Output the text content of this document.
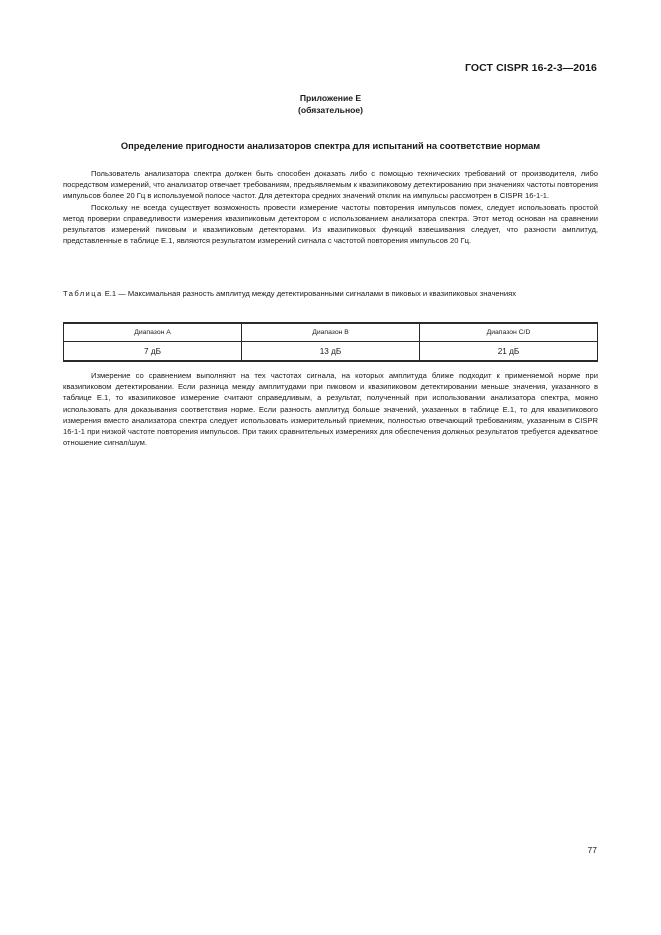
ГОСТ CISPR 16-2-3—2016
Приложение Е
(обязательное)
Определение пригодности анализаторов спектра для испытаний на соответствие нормам

Пользователь анализатора спектра должен быть способен доказать либо с помощью технических требований от производителя, либо посредством измерений, что анализатор отвечает требованиям, предъявляемым к квазипиковому детектированию при значениях частоты повторения импульсов более 20 Гц в используемой полосе частот. Для детектора средних значений отклик на импульсы рассмотрен в CISPR 16-1-1.

Поскольку не всегда существует возможность провести измерение частоты повторения импульсов помех, следует использовать простой метод проверки справедливости измерения квазипиковым детектором с использованием анализатора спектра. Этот метод основан на сравнении результатов измерений пиковым и квазипиковым детекторами. Из квазипиковых функций взвешивания следует, что разности амплитуд, представленные в таблице Е.1, являются результатом измерений сигнала с частотой повторения импульсов 20 Гц.

Таблица Е.1 — Максимальная разность амплитуд между детектированными сигналами в пиковых и квазипиковых значениях
Диапазон А	Диапазон В	Диапазон С/D
7 дБ	13 дБ	21 дБ

Измерение со сравнением выполняют на тех частотах сигнала, на которых амплитуда ближе подходит к применяемой норме при квазипиковом детектировании. Если разница между амплитудами при пиковом и квазипиковом детектировании меньше значения, указанного в таблице Е.1, то квазипиковое измерение считают справедливым, а результат, полученный при использовании анализатора спектра, можно использовать для доказывания соответствия норме. Если разность амплитуд больше значений, указанных в таблице Е.1, то для квазипикового измерения вместо анализатора спектра следует использовать измерительный приемник, полностью отвечающий требованиям, указанным в CISPR 16-1-1 при низкой частоте повторения импульсов. При таких сравнительных измерениях для обеспечения должных результатов требуется адекватное отношение сигнал/шум.

77
